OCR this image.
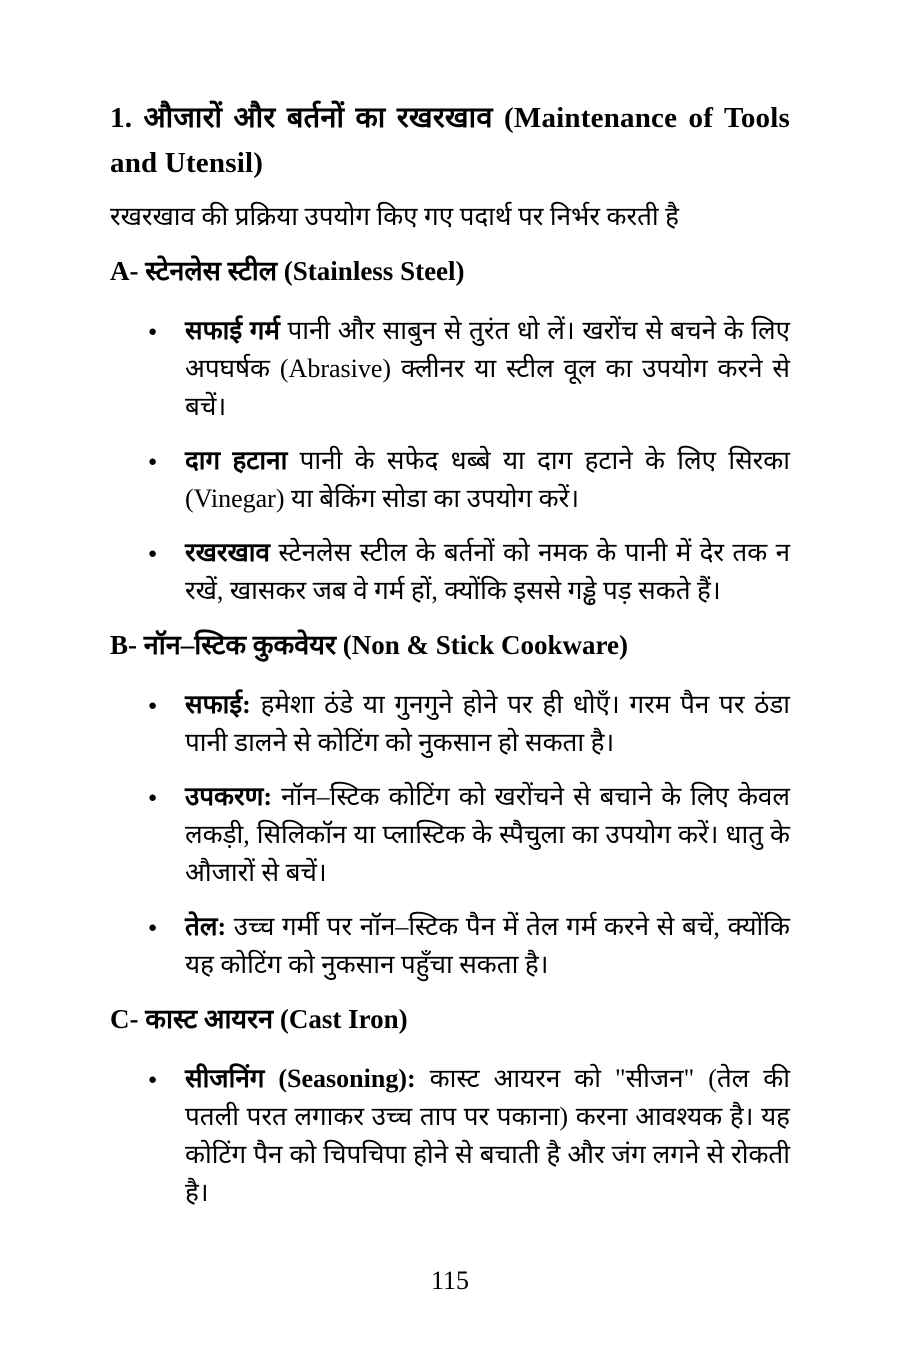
1. औजारों और बर्तनों का रखरखाव (Maintenance of Tools and Utensil)

रखरखाव की प्रक्रिया उपयोग किए गए पदार्थ पर निर्भर करती है

A- स्टेनलेस स्टील (Stainless Steel)
● सफाई गर्म पानी और साबुन से तुरंत धो लें। खरोंच से बचने के लिए अपघर्षक (Abrasive) क्लीनर या स्टील वूल का उपयोग करने से बचें।
● दाग हटाना पानी के सफेद धब्बे या दाग हटाने के लिए सिरका (Vinegar) या बेकिंग सोडा का उपयोग करें।
● रखरखाव स्टेनलेस स्टील के बर्तनों को नमक के पानी में देर तक न रखें, खासकर जब वे गर्म हों, क्योंकि इससे गड्ढे पड़ सकते हैं।
B- नॉन–स्टिक कुकवेयर (Non & Stick Cookware)
● सफाई: हमेशा ठंडे या गुनगुने होने पर ही धोएँ। गरम पैन पर ठंडा पानी डालने से कोटिंग को नुकसान हो सकता है।
● उपकरण: नॉन–स्टिक कोटिंग को खरोंचने से बचाने के लिए केवल लकड़ी, सिलिकॉन या प्लास्टिक के स्पैचुला का उपयोग करें। धातु के औजारों से बचें।
● तेल: उच्च गर्मी पर नॉन–स्टिक पैन में तेल गर्म करने से बचें, क्योंकि यह कोटिंग को नुकसान पहुँचा सकता है।
C- कास्ट आयरन (Cast Iron)
● सीजनिंग (Seasoning): कास्ट आयरन को "सीजन" (तेल की पतली परत लगाकर उच्च ताप पर पकाना) करना आवश्यक है। यह कोटिंग पैन को चिपचिपा होने से बचाती है और जंग लगने से रोकती है।
115
